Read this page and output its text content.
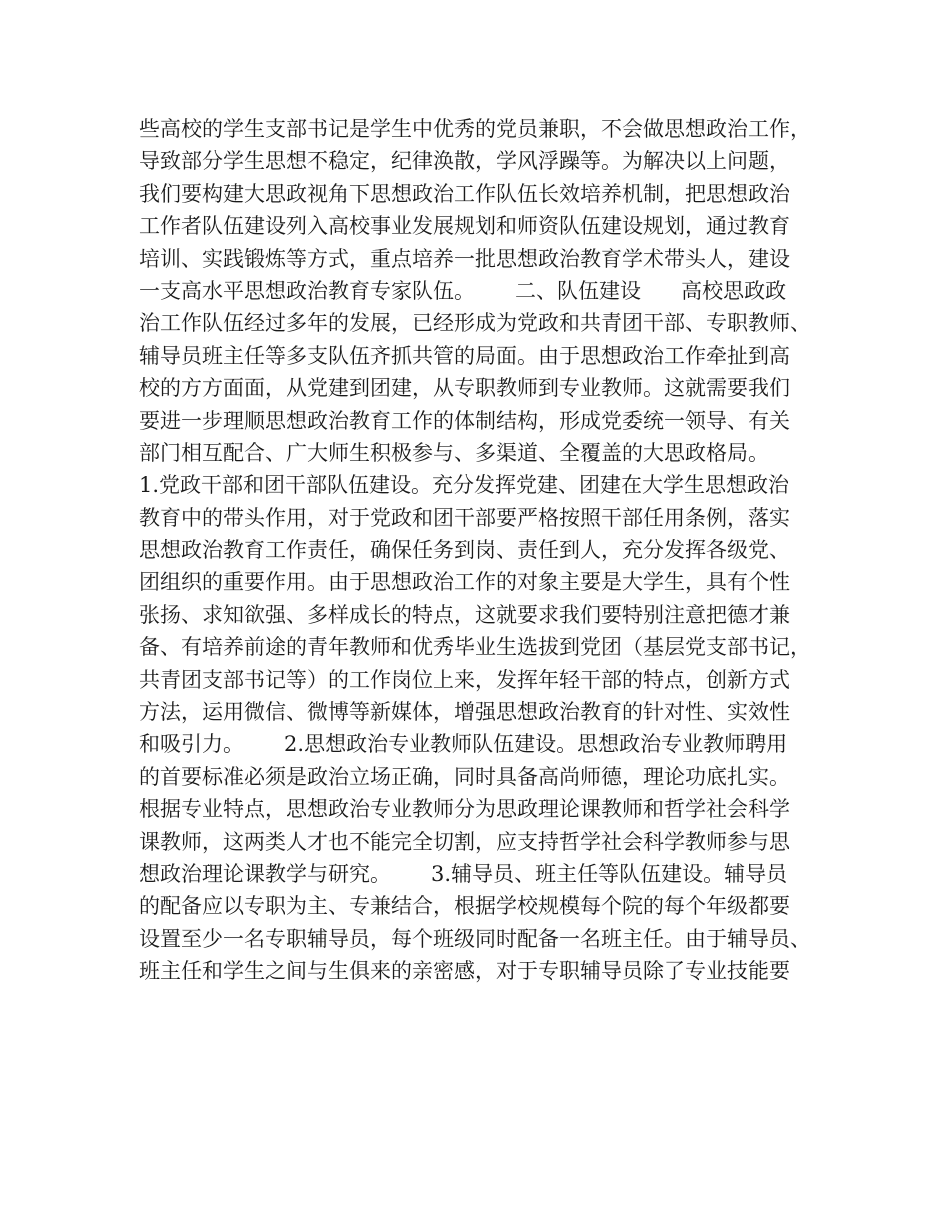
些高校的学生支部书记是学生中优秀的党员兼职，不会做思想政治工作，
导致部分学生思想不稳定，纪律涣散，学风浮躁等。为解决以上问题，
我们要构建大思政视角下思想政治工作队伍长效培养机制，把思想政治
工作者队伍建设列入高校事业发展规划和师资队伍建设规划，通过教育
培训、实践锻炼等方式，重点培养一批思想政治教育学术带头人，建设
一支高水平思想政治教育专家队伍。      二、队伍建设      高校思政政
治工作队伍经过多年的发展，已经形成为党政和共青团干部、专职教师、
辅导员班主任等多支队伍齐抓共管的局面。由于思想政治工作牵扯到高
校的方方面面，从党建到团建，从专职教师到专业教师。这就需要我们
要进一步理顺思想政治教育工作的体制结构，形成党委统一领导、有关
部门相互配合、广大师生积极参与、多渠道、全覆盖的大思政格局。
1.党政干部和团干部队伍建设。充分发挥党建、团建在大学生思想政治
教育中的带头作用，对于党政和团干部要严格按照干部任用条例，落实
思想政治教育工作责任，确保任务到岗、责任到人，充分发挥各级党、
团组织的重要作用。由于思想政治工作的对象主要是大学生，具有个性
张扬、求知欲强、多样成长的特点，这就要求我们要特别注意把德才兼
备、有培养前途的青年教师和优秀毕业生选拔到党团（基层党支部书记，
共青团支部书记等）的工作岗位上来，发挥年轻干部的特点，创新方式
方法，运用微信、微博等新媒体，增强思想政治教育的针对性、实效性
和吸引力。      2.思想政治专业教师队伍建设。思想政治专业教师聘用
的首要标准必须是政治立场正确，同时具备高尚师德，理论功底扎实。
根据专业特点，思想政治专业教师分为思政理论课教师和哲学社会科学
课教师，这两类人才也不能完全切割，应支持哲学社会科学教师参与思
想政治理论课教学与研究。      3.辅导员、班主任等队伍建设。辅导员
的配备应以专职为主、专兼结合，根据学校规模每个院的每个年级都要
设置至少一名专职辅导员，每个班级同时配备一名班主任。由于辅导员、
班主任和学生之间与生俱来的亲密感，对于专职辅导员除了专业技能要
